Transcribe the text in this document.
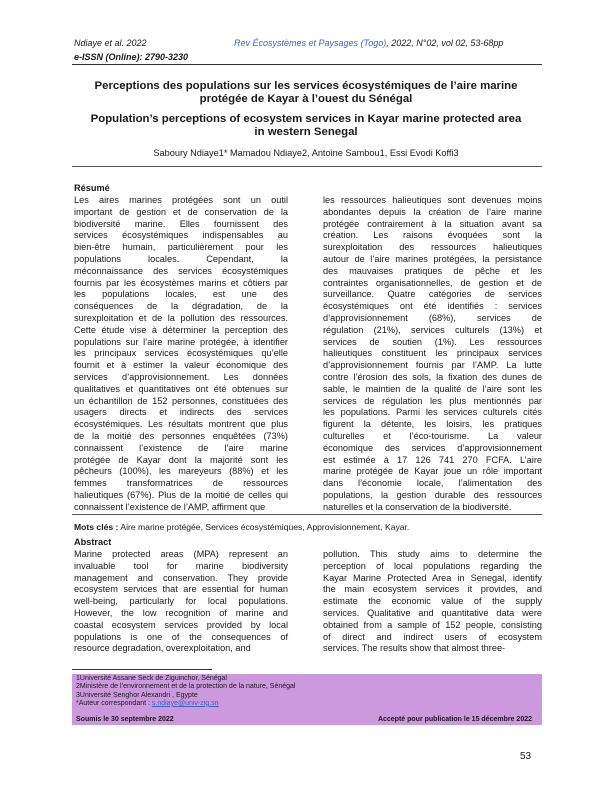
Ndiaye et al. 2022	Rev Écosystèmes et Paysages (Togo), 2022, N°02, vol 02, 53-68pp
e-ISSN (Online): 2790-3230
Perceptions des populations sur les services écosystémiques de l’aire marine
protégée de Kayar à l’ouest du Sénégal
Population’s perceptions of ecosystem services in Kayar marine protected area
in western Senegal
Saboury Ndiaye1* Mamadou Ndiaye2, Antoine Sambou1, Essi Evodi Koffi3
Résumé
Les aires marines protégées sont un outil
important de gestion et de conservation de la
biodiversité marine. Elles fournissent des
services écosystémiques indispensables au
bien-être humain, particulièrement pour les
populations locales. Cependant, la
méconnaissance des services écosystémiques
fournis par les écosystèmes marins et côtiers par
les populations locales, est une des
conséquences de la dégradation, de la
surexploitation et de la pollution des ressources.
Cette étude vise à déterminer la perception des
populations sur l’aire marine protégée, à identifier
les principaux services écosystémiques qu’elle
fournit et à estimer la valeur économique des
services d’approvisionnement. Les données
qualitatives et quantitatives ont été obtenues sur
un échantillon de 152 personnes, constituées des
usagers directs et indirects des services
écosystémiques. Les résultats montrent que plus
de la moitié des personnes enquêtées (73%)
connaissent l’existence de l’aire marine
protégée de Kayar dont la majorité sont les
pêcheurs (100%), les mareyeurs (88%) et les
femmes transformatrices de ressources
halieutiques (67%). Plus de la moitié de celles qui
connaissent l’existence de l’AMP, affirment que
les ressources halieutiques sont devenues moins
abondantes depuis la création de l’aire marine
protégée contrairement à la situation avant sa
création. Les raisons évoquées sont la
surexploitation des ressources halieutiques
autour de l’aire marines protégées, la persistance
des mauvaises pratiques de pêche et les
contraintes organisationnelles, de gestion et de
surveillance. Quatre catégories de services
écosystémiques ont été identifiés : services
d’approvisionnement (68%), services de
régulation (21%), services culturels (13%) et
services de soutien (1%). Les ressources
halieutiques constituent les principaux services
d’approvisionnement fournis par l’AMP. La lutte
contre l’érosion des sols, la fixation des dunes de
sable, le maintien de la qualité de l’aire sont les
services de régulation les plus mentionnés par
les populations. Parmi les services culturels cités
figurent la détente, les loisirs, les pratiques
culturelles et l’éco-tourisme. La valeur
économique des services d’approvisionnement
est estimée à 17 126 741 270 FCFA. L’aire
marine protégée de Kayar joue un rôle important
dans l’économie locale, l’alimentation des
populations, la gestion durable des ressources
naturelles et la conservation de la biodiversité.
Mots clés : Aire marine protégée, Services écosystémiques, Approvisionnement, Kayar.
Abstract
Marine protected areas (MPA) represent an
invaluable tool for marine biodiversity
management and conservation. They provide
ecosystem services that are essential for human
well-being, particularly for local populations.
However, the low recognition of marine and
coastal ecosystem services provided by local
populations is one of the consequences of
resource degradation, overexploitation, and
pollution. This study aims to determine the
perception of local populations regarding the
Kayar Marine Protected Area in Senegal, identify
the main ecosystem services it provides, and
estimate the economic value of the supply
services. Qualitative and quantitative data were
obtained from a sample of 152 people, consisting
of direct and indirect users of ecosystem
services. The results show that almost three-
1Université Assane Seck de Ziguinchor, Sénégal
2Ministère de l’environnement et de la protection de la nature, Sénégal
3Université Senghor Alexandri , Egypte
*Auteur correspondant : s.ndiaye@univ-zig.sn
Soumis le 30 septembre 2022	Accepté pour publication le 15 décembre 2022
53
